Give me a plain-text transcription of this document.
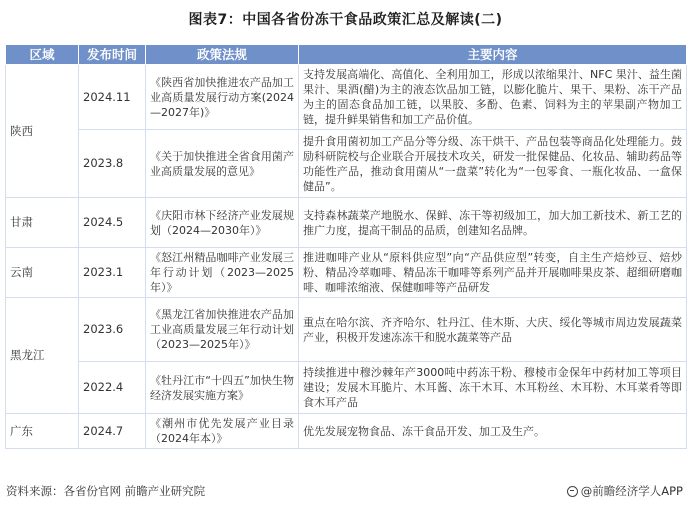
图表7：中国各省份冻干食品政策汇总及解读(二)
区域	发布时间	政策法规	主要内容
陕西	2024.11	《陕西省加快推进农产品加工业高质量发展行动方案(2024—2027年)》	支持发展高端化、高值化、全利用加工，形成以浓缩果汁、NFC 果汁、益生菌果汁、果酒(醋)为主的液态饮品加工链，以膨化脆片、果干、果粉、冻干产品为主的固态食品加工链，以果胶、多酚、色素、饲料为主的苹果副产物加工链，提升鲜果销售和加工产品价值。
	2023.8	《关于加快推进全省食用菌产业高质量发展的意见》	提升食用菌初加工产品分等分级、冻干烘干、产品包装等商品化处理能力。鼓励科研院校与企业联合开展技术攻关，研发一批保健品、化妆品、辅助药品等功能性产品，推动食用菌从“一盘菜”转化为“一包零食、一瓶化妆品、一盒保健品”。
甘肃	2024.5	《庆阳市林下经济产业发展规划（2024—2030年）》	支持森林蔬菜产地脱水、保鲜、冻干等初级加工，加大加工新技术、新工艺的推广力度，提高干制品的品质，创建知名品牌。
云南	2023.1	《怒江州精品咖啡产业发展三年行动计划（2023—2025年）》	推进咖啡产业从“原料供应型”向“产品供应型”转变，自主生产焙炒豆、焙炒粉、精品冷萃咖啡、精品冻干咖啡等系列产品并开展咖啡果皮茶、超细研磨咖啡、咖啡浓缩液、保健咖啡等产品研发
黑龙江	2023.6	《黑龙江省加快推进农产品加工业高质量发展三年行动计划（2023—2025年）》	重点在哈尔滨、齐齐哈尔、牡丹江、佳木斯、大庆、绥化等城市周边发展蔬菜产业，积极开发速冻冻干和脱水蔬菜等产品
	2022.4	《牡丹江市“十四五”加快生物经济发展实施方案》	持续推进中穆沙棘年产3000吨中药冻干粉、穆棱市金保年中药材加工等项目建设；发展木耳脆片、木耳酱、冻干木耳、木耳粉丝、木耳粉、木耳菜肴等即食木耳产品
广东	2024.7	《潮州市优先发展产业目录（2024年本）》	优先发展宠物食品、冻干食品开发、加工及生产。
资料来源：各省份官网 前瞻产业研究院	@前瞻经济学人APP
